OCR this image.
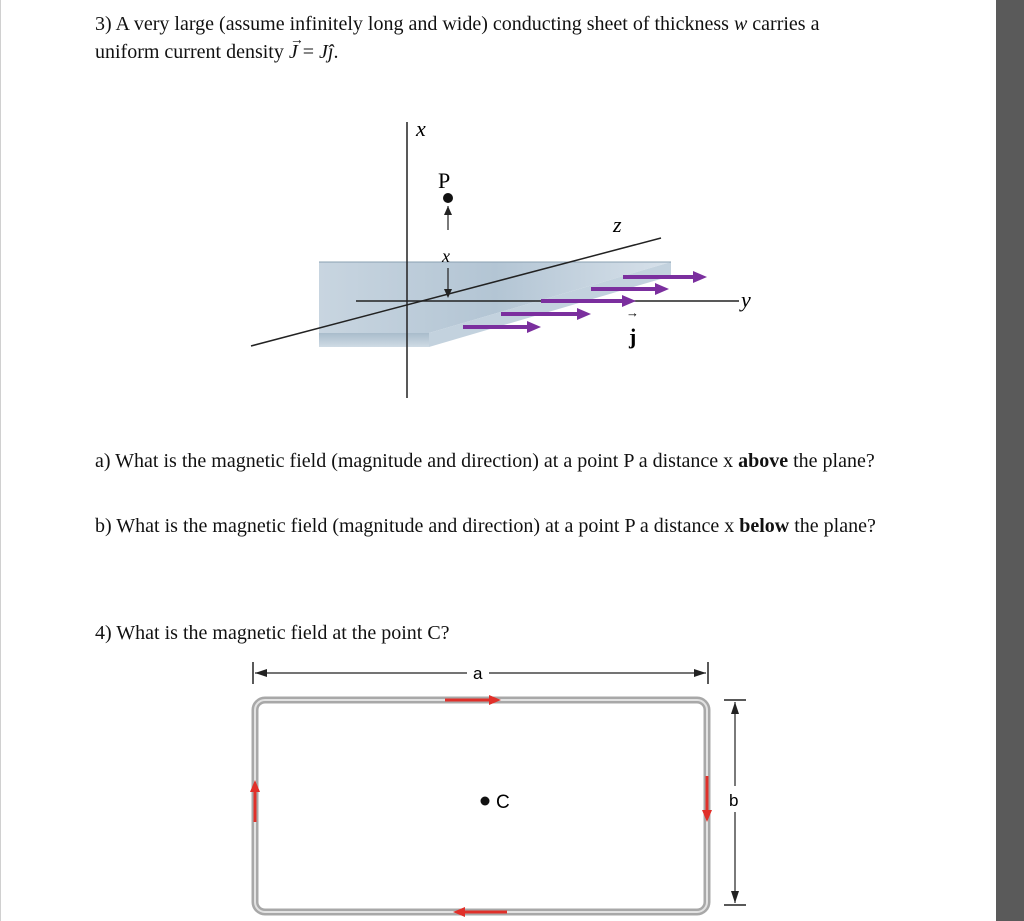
3) A very large (assume infinitely long and wide) conducting sheet of thickness w carries a
uniform current density
→
J = Jĵ.
x
P
x
z
y
→
j
a) What is the magnetic field (magnitude and direction) at a point P a distance x above the plane?
b) What is the magnetic field (magnitude and direction) at a point P a distance x below the plane?
4) What is the magnetic field at the point C?
a
b
C
